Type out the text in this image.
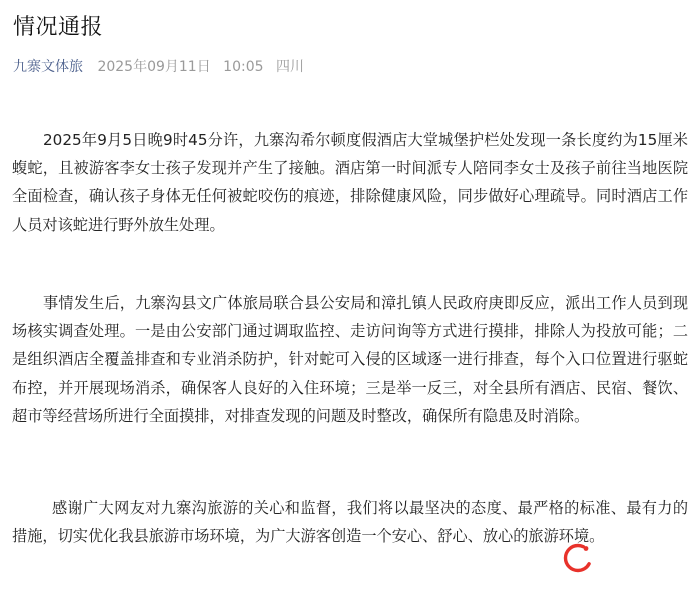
情况通报
九寨文体旅 2025年09月11日 10:05 四川

2025年9月5日晚9时45分许，九寨沟希尔顿度假酒店大堂城堡护栏处发现一条长度约为15厘米蝮蛇，且被游客李女士孩子发现并产生了接触。酒店第一时间派专人陪同李女士及孩子前往当地医院全面检查，确认孩子身体无任何被蛇咬伤的痕迹，排除健康风险，同步做好心理疏导。同时酒店工作人员对该蛇进行野外放生处理。

事情发生后，九寨沟县文广体旅局联合县公安局和漳扎镇人民政府庚即反应，派出工作人员到现场核实调查处理。一是由公安部门通过调取监控、走访问询等方式进行摸排，排除人为投放可能；二是组织酒店全覆盖排查和专业消杀防护，针对蛇可入侵的区域逐一进行排查，每个入口位置进行驱蛇布控，并开展现场消杀，确保客人良好的入住环境；三是举一反三，对全县所有酒店、民宿、餐饮、超市等经营场所进行全面摸排，对排查发现的问题及时整改，确保所有隐患及时消除。

感谢广大网友对九寨沟旅游的关心和监督，我们将以最坚决的态度、最严格的标准、最有力的措施，切实优化我县旅游市场环境，为广大游客创造一个安心、舒心、放心的旅游环境。
